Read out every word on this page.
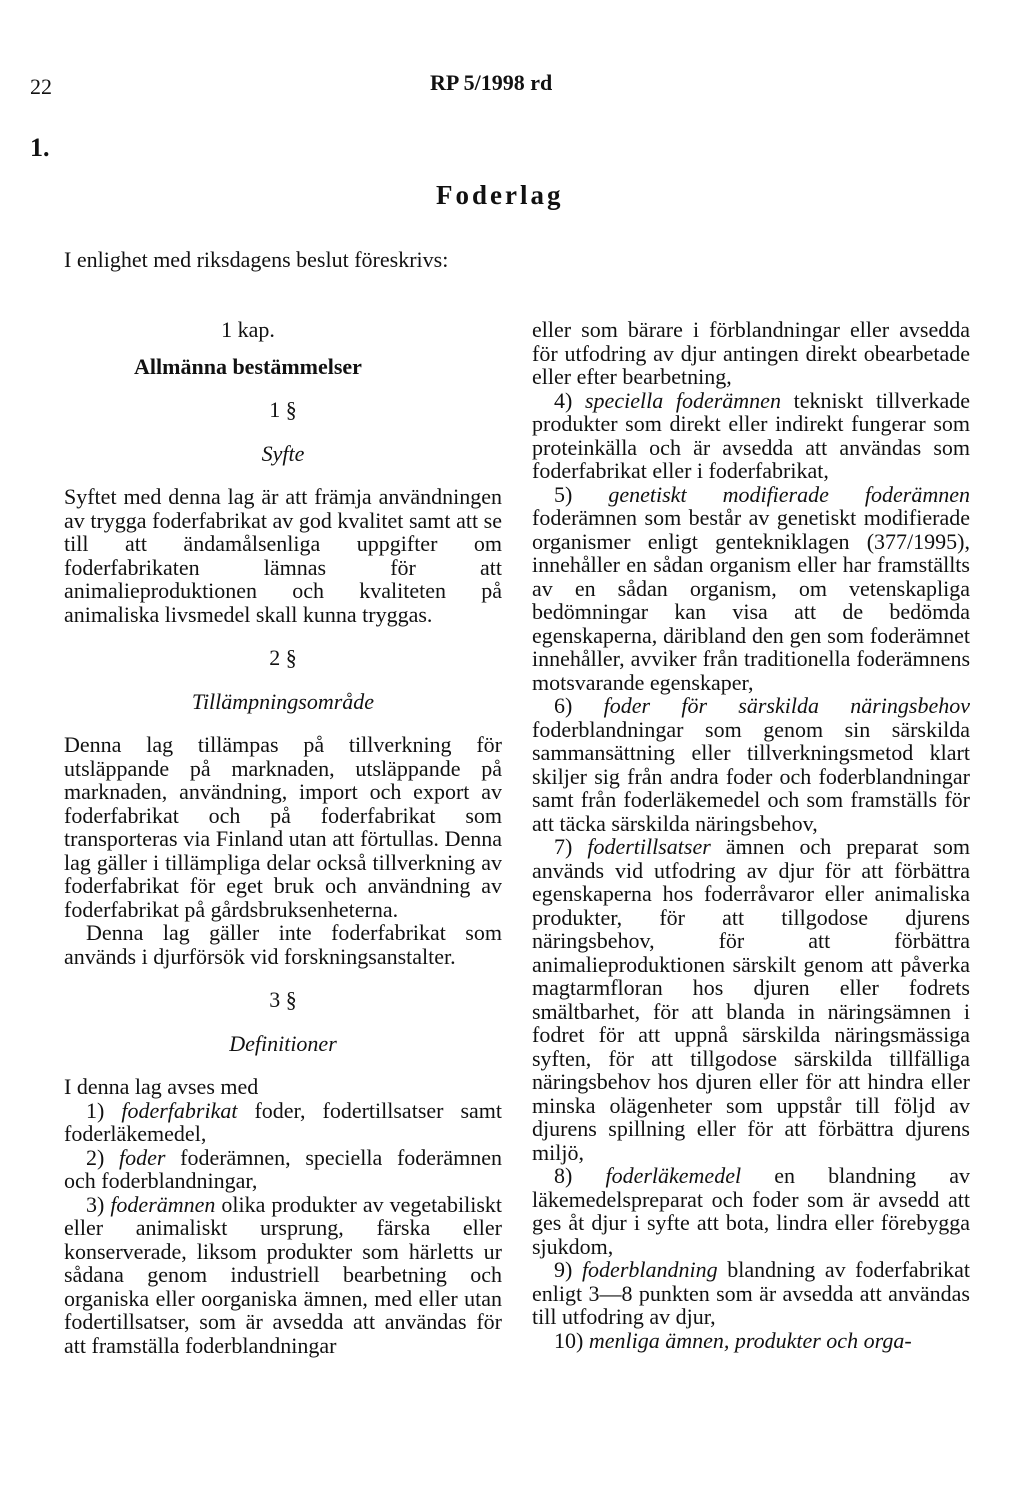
22	RP 5/1998 rd
1.
Foderlag
I enlighet med riksdagens beslut föreskrivs:

1 kap.

Allmänna bestämmelser

1 §

Syfte

Syftet med denna lag är att främja användningen av trygga foderfabrikat av god kvalitet samt att se till att ändamålsenliga uppgifter om foderfabrikaten lämnas för att animalieproduktionen och kvaliteten på animaliska livsmedel skall kunna tryggas.

2 §

Tillämpningsområde

Denna lag tillämpas på tillverkning för utsläppande på marknaden, utsläppande på marknaden, användning, import och export av foderfabrikat och på foderfabrikat som transporteras via Finland utan att förtullas. Denna lag gäller i tillämpliga delar också tillverkning av foderfabrikat för eget bruk och användning av foderfabrikat på gårdsbruksenheterna.

Denna lag gäller inte foderfabrikat som används i djurförsök vid forskningsanstalter.

3 §

Definitioner

I denna lag avses med

1) foderfabrikat foder, fodertillsatser samt foderläkemedel,

2) foder foderämnen, speciella foderämnen och foderblandningar,

3) foderämnen olika produkter av vegetabiliskt eller animaliskt ursprung, färska eller konserverade, liksom produkter som härletts ur sådana genom industriell bearbetning och organiska eller oorganiska ämnen, med eller utan fodertillsatser, som är avsedda att användas för att framställa foderblandningar

eller som bärare i förblandningar eller avsedda för utfodring av djur antingen direkt obearbetade eller efter bearbetning,

4) speciella foderämnen tekniskt tillverkade produkter som direkt eller indirekt fungerar som proteinkälla och är avsedda att användas som foderfabrikat eller i foderfabrikat,

5) genetiskt modifierade foderämnen foderämnen som består av genetiskt modifierade organismer enligt gentekniklagen (377/1995), innehåller en sådan organism eller har framställts av en sådan organism, om vetenskapliga bedömningar kan visa att de bedömda egenskaperna, däribland den gen som foderämnet innehåller, avviker från traditionella foderämnens motsvarande egenskaper,

6) foder för särskilda näringsbehov foderblandningar som genom sin särskilda sammansättning eller tillverkningsmetod klart skiljer sig från andra foder och foderblandningar samt från foderläkemedel och som framställs för att täcka särskilda näringsbehov,

7) fodertillsatser ämnen och preparat som används vid utfodring av djur för att förbättra egenskaperna hos foderråvaror eller animaliska produkter, för att tillgodose djurens näringsbehov, för att förbättra animalieproduktionen särskilt genom att påverka magtarmfloran hos djuren eller fodrets smältbarhet, för att blanda in näringsämnen i fodret för att uppnå särskilda näringsmässiga syften, för att tillgodose särskilda tillfälliga näringsbehov hos djuren eller för att hindra eller minska olägenheter som uppstår till följd av djurens spillning eller för att förbättra djurens miljö,

8) foderläkemedel en blandning av läkemedelspreparat och foder som är avsedd att ges åt djur i syfte att bota, lindra eller förebygga sjukdom,

9) foderblandning blandning av foderfabrikat enligt 3—8 punkten som är avsedda att användas till utfodring av djur,

10) menliga ämnen, produkter och orga-
